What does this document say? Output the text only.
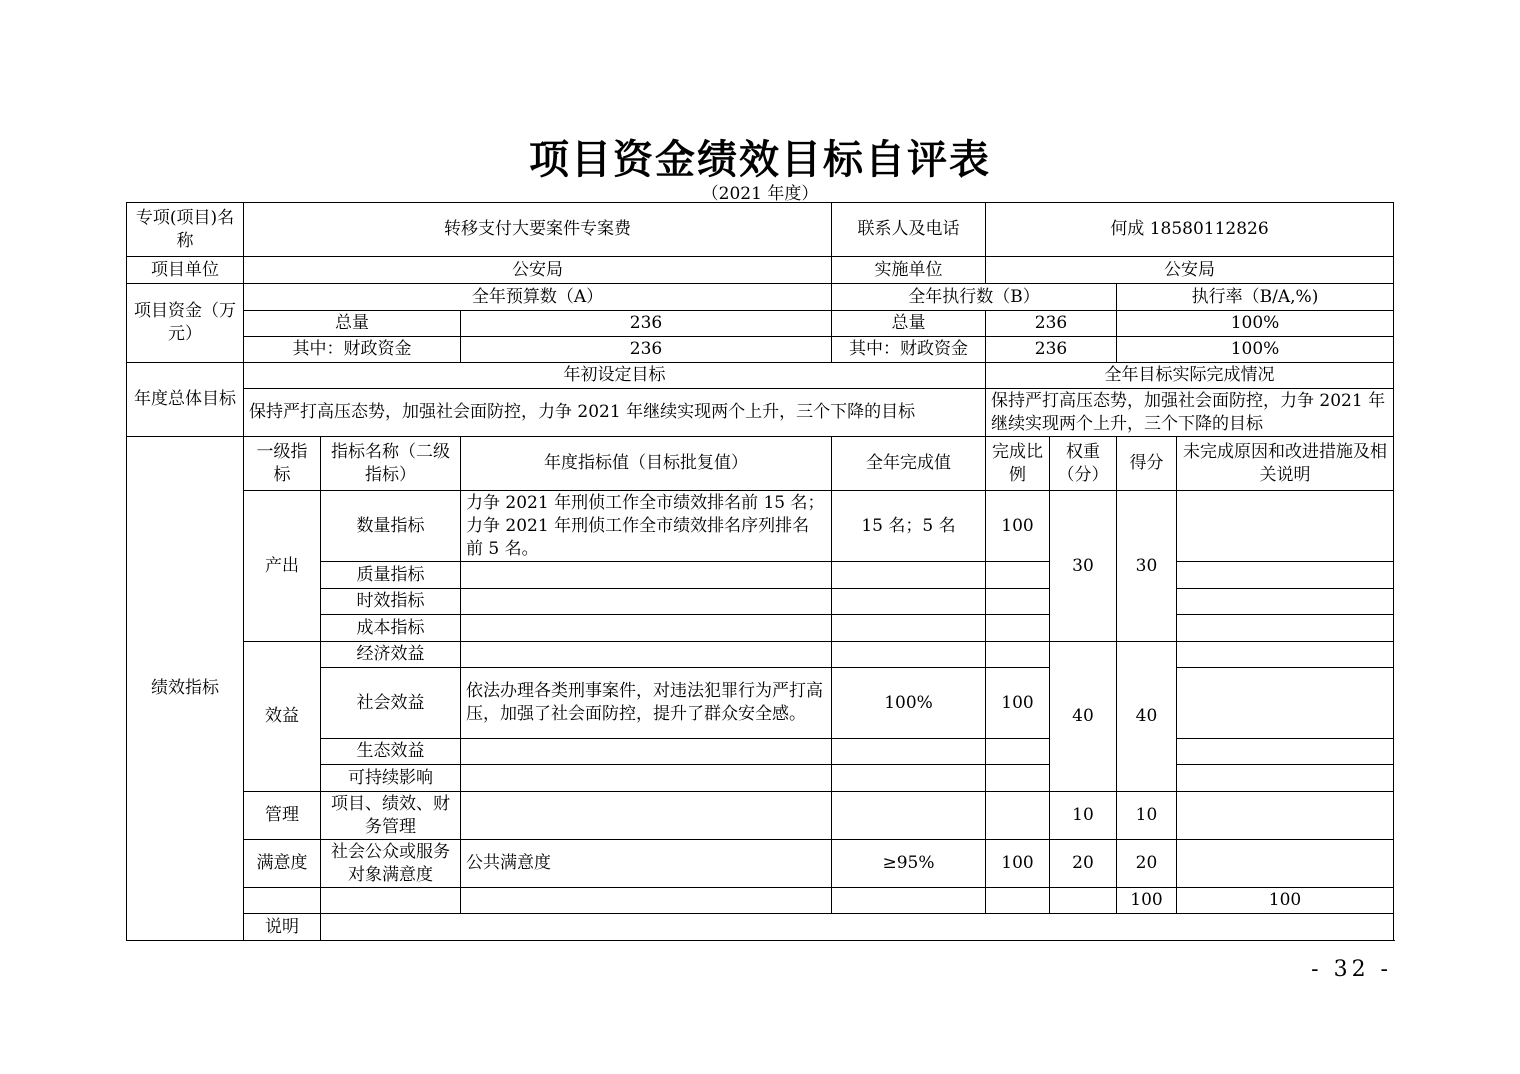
项目资金绩效目标自评表
（2021 年度）
专项(项目)名称	转移支付大要案件专案费			联系人及电话	何成 18580112826				
项目单位	公安局			实施单位	公安局				
项目资金（万元）	全年预算数（A）			全年执行数（B）			执行率（B/A,%)		
	总量		236	总量	236		100%		
	其中：财政资金		236	其中：财政资金	236		100%		
年度总体目标	年初设定目标				全年目标实际完成情况				
	保持严打高压态势，加强社会面防控，力争 2021 年继续实现两个上升，三个下降的目标				保持严打高压态势，加强社会面防控，力争 2021 年继续实现两个上升，三个下降的目标				
绩效指标	一级指标	指标名称（二级指标）	年度指标值（目标批复值）	全年完成值	完成比例	权重（分）	得分	未完成原因和改进措施及相关说明	
	产出	数量指标	力争 2021 年刑侦工作全市绩效排名前 15 名；力争 2021 年刑侦工作全市绩效排名序列排名前 5 名。	15 名；5 名	100	30	30		
		质量指标							
		时效指标							
		成本指标							
	效益	经济效益				40	40		
		社会效益	依法办理各类刑事案件，对违法犯罪行为严打高压，加强了社会面防控，提升了群众安全感。	100%	100				
		生态效益							
		可持续影响							
	管理	项目、绩效、财务管理				10	10		
	满意度	社会公众或服务对象满意度	公共满意度	≥95%	100	20	20		
							100	100	
	说明								
- 32 -
